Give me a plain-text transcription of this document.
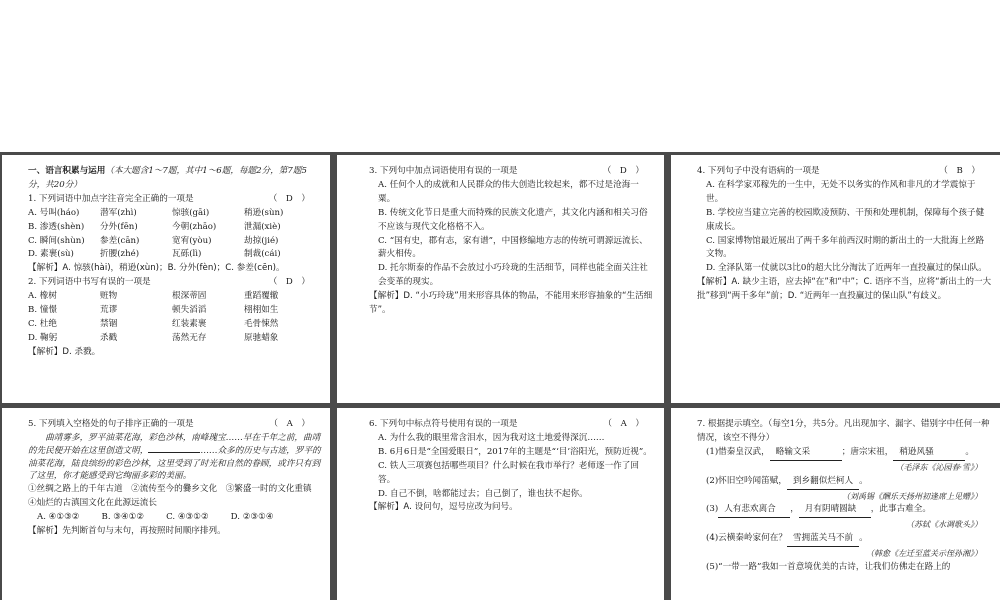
一、语言积累与运用（本大题含1～7题，其中1～6题，每题2分，第7题5分，共20分）
1. 下列词语中加点字注音完全正确的一项是	（　D　）
A. 号叫(háo)	潜军(zhì)	惊骇(gāi)	稍逊(sùn)
B. 渗透(shèn)	分外(fēn)	今朝(zhāo)	泄漏(xiè)
C. 瞬间(shùn)	参差(cān)	宽宥(yòu)	劫掠(jié)
D. 素裹(sù)	折腰(zhé)	瓦砾(lì)	制裁(cái)
【解析】A. 惊骇(hài)，稍逊(xùn)；B. 分外(fèn)；C. 参差(cēn)。
2. 下列词语中书写有误的一项是	（　D　）
A. 橡树	赃物	根深蒂固	重蹈覆辙
B. 憧憬	荒谬	顿失滔滔	栩栩如生
C. 杜绝	禁锢	红装素裹	毛骨悚然
D. 鞠躬	杀戳	荡然无存	原驰蜡象
【解析】D. 杀戮。
3. 下列句中加点词语使用有误的一项是	（　D　）
A. 任何个人的成就和人民群众的伟大创造比较起来，都不过是沧海一粟。
B. 传统文化节日是重大而特殊的民族文化遗产，其文化内涵和相关习俗不应该与现代文化格格不入。
C. “国有史，郡有志，家有谱”，中国修编地方志的传统可谓源远流长、薪火相传。
D. 托尔斯泰的作品不会放过小巧玲珑的生活细节，同样也能全面关注社会变革的现实。
【解析】D. “小巧玲珑”用来形容具体的物品，不能用来形容抽象的“生活细节”。
4. 下列句子中没有语病的一项是	（　B　）
A. 在科学家邓稼先的一生中，无处不以务实的作风和非凡的才学震惊于世。
B. 学校应当建立完善的校园欺凌预防、干预和处理机制，保障每个孩子健康成长。
C. 国家博物馆最近展出了两千多年前西汉时期的新出土的一大批海上丝路文物。
D. 全泽队第一仗就以3比0的超大比分淘汰了近两年一直投赢过的保山队。
【解析】A. 缺少主语，应去掉“在”和“中”；C. 语序不当，应将“新出土的一大批”移到“两千多年”前；D. “近两年一直投赢过的保山队”有歧义。
5. 下列填入空格处的句子排序正确的一项是	（　A　）
曲靖雾多，罗平油菜花海，彩色沙林，南峰瑰宝……早在千年之前，曲靖的先民便开始在这里创造文明，	……众多的历史与古迹，罗平的油菜花海，陆良缤纷的彩色沙林，这里受到了时光和自然的眷顾，或许只有到了这里，你才能感受到它绚丽多彩的美丽。
①丝绸之路上的千年古道　②流传至今的爨乡文化　③繁盛一时的文化重镇　④灿烂的古滇国文化在此源远流长
A. ④①③②	B. ③④①②	C. ④③①②	D. ②③①④
【解析】先判断首句与末句，再按照时间顺序排列。
6. 下列句中标点符号使用有误的一项是	（　A　）
A. 为什么我的眼里常含泪水，因为我对这土地爱得深沉……
B. 6月6日是“全国爱眼日”，2017年的主题是“‘目’浴阳光，预防近视”。
C. 铁人三项赛包括哪些项目？什么时候在我市举行？老师逐一作了回答。
D. 自己不倒，啥都能过去；自己倒了，谁也扶不起你。
【解析】A. 设问句，逗号应改为问号。
7. 根据提示填空。（每空1分，共5分。凡出现加字、漏字、错别字中任何一种情况，该空不得分）
(1)惜秦皇汉武， 略输文采	；唐宗宋祖， 稍逊风骚	。
（毛泽东《沁园春·雪》）
(2)怀旧空吟闻笛赋， 到乡翻似烂柯人 。
（刘禹锡《酬乐天扬州初逢席上见赠》）
(3) 人有悲欢离合 ， 月有阴晴圆缺 ，此事古难全。
（苏轼《水调歌头》）
(4)云横秦岭家何在？ 雪拥蓝关马不前 。
（韩愈《左迁至蓝关示侄孙湘》）
(5)“一带一路”我如一首意境优美的古诗，让我们仿佛走在路上的
